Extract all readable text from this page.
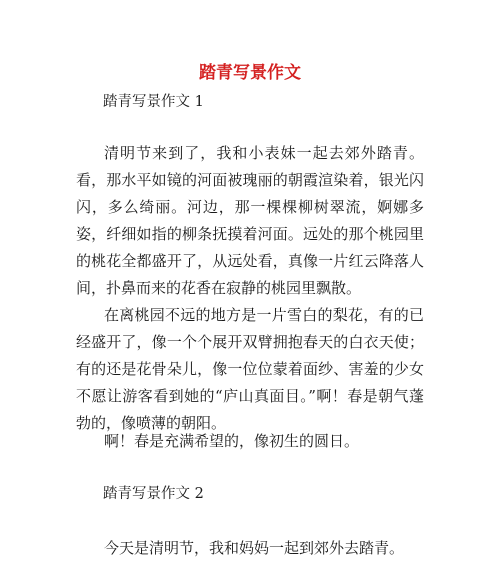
踏青写景作文
踏青写景作文 1

清明节来到了，我和小表妹一起去郊外踏青。看，那水平如镜的河面被瑰丽的朝霞渲染着，银光闪闪，多么绮丽。河边，那一棵棵柳树翠流，婀娜多姿，纤细如指的柳条抚摸着河面。远处的那个桃园里的桃花全都盛开了，从远处看，真像一片红云降落人间，扑鼻而来的花香在寂静的桃园里飘散。

在离桃园不远的地方是一片雪白的梨花，有的已经盛开了，像一个个展开双臂拥抱春天的白衣天使；有的还是花骨朵儿，像一位位蒙着面纱、害羞的少女不愿让游客看到她的“庐山真面目。”啊！春是朝气蓬勃的，像喷薄的朝阳。

啊！春是充满希望的，像初生的圆日。

踏青写景作文 2

今天是清明节，我和妈妈一起到郊外去踏青。
